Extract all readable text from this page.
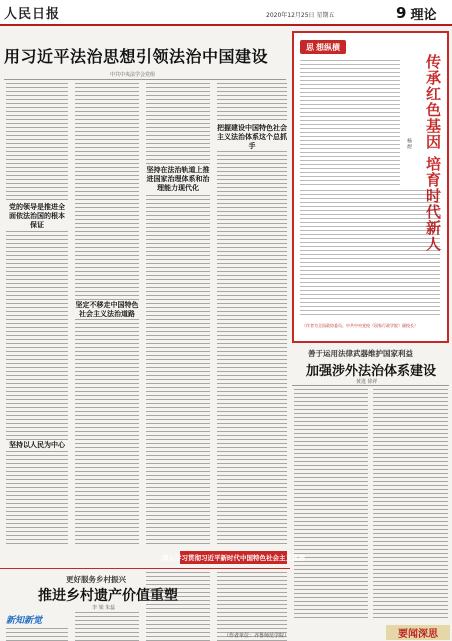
人民日报	2020年12月25日 星期五	9 理论
用习近平法治思想引领法治中国建设
中共中央法学会党组
党的领导是推进全面依法治国的根本保证
坚持在法治轨道上推进国家治理体系和治理能力现代化
把握建设中国特色社会主义法治体系这个总抓手
坚定不移走中国特色社会主义法治道路
坚持以人民为中心
思 想纵横
传承红色基因
培育时代新人
杨煜
（作者为全国政协委员、中共中央党校（国家行政学院）副校长）
善于运用法律武器维护国家利益
加强涉外法治体系建设
黄进 徐祥
深入学习贯彻习近平新时代中国特色社会主义思想
更好服务乡村振兴
推进乡村遗产价值重塑
李 梁 朱蕊
新知新觉
（作者单位：齐鲁师范学院）	要闻深思
